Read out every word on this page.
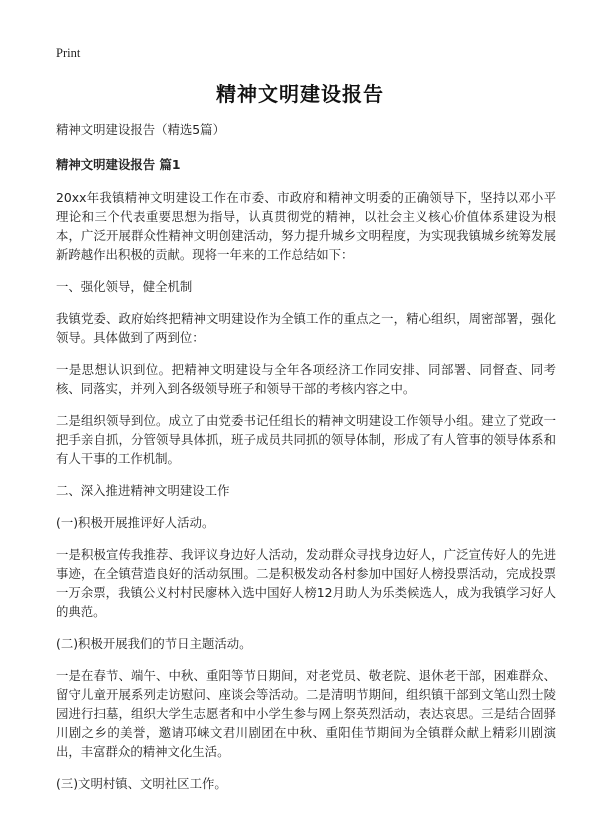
Print
精神文明建设报告

精神文明建设报告（精选5篇）

精神文明建设报告 篇1

20xx年我镇精神文明建设工作在市委、市政府和精神文明委的正确领导下，坚持以邓小平理论和三个代表重要思想为指导，认真贯彻党的精神，以社会主义核心价值体系建设为根本，广泛开展群众性精神文明创建活动，努力提升城乡文明程度，为实现我镇城乡统筹发展新跨越作出积极的贡献。现将一年来的工作总结如下：

一、强化领导，健全机制

我镇党委、政府始终把精神文明建设作为全镇工作的重点之一，精心组织，周密部署，强化领导。具体做到了两到位：

一是思想认识到位。把精神文明建设与全年各项经济工作同安排、同部署、同督查、同考核、同落实，并列入到各级领导班子和领导干部的考核内容之中。

二是组织领导到位。成立了由党委书记任组长的精神文明建设工作领导小组。建立了党政一把手亲自抓，分管领导具体抓，班子成员共同抓的领导体制，形成了有人管事的领导体系和有人干事的工作机制。

二、深入推进精神文明建设工作

(一)积极开展推评好人活动。

一是积极宣传我推荐、我评议身边好人活动，发动群众寻找身边好人，广泛宣传好人的先进事迹，在全镇营造良好的活动氛围。二是积极发动各村参加中国好人榜投票活动，完成投票一万余票，我镇公义村村民廖林入选中国好人榜12月助人为乐类候选人，成为我镇学习好人的典范。

(二)积极开展我们的节日主题活动。

一是在春节、端午、中秋、重阳等节日期间，对老党员、敬老院、退休老干部，困难群众、留守儿童开展系列走访慰问、座谈会等活动。二是清明节期间，组织镇干部到文笔山烈士陵园进行扫墓，组织大学生志愿者和中小学生参与网上祭英烈活动，表达哀思。三是结合固驿川剧之乡的美誉，邀请邛崃文君川剧团在中秋、重阳佳节期间为全镇群众献上精彩川剧演出，丰富群众的精神文化生活。

(三)文明村镇、文明社区工作。
